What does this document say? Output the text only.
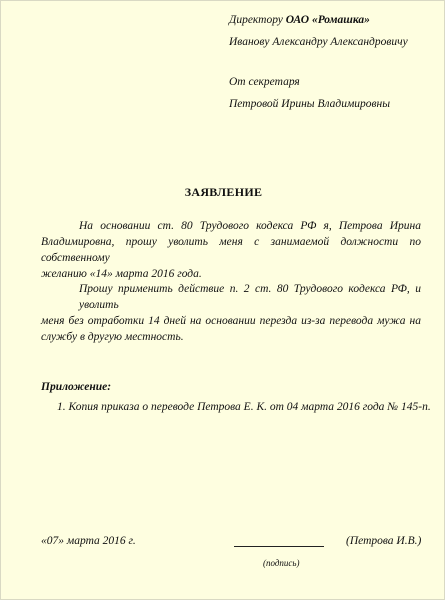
Директору ОАО «Ромашка»
Иванову Александру Александровичу
От секретаря
Петровой Ирины Владимировны
ЗАЯВЛЕНИЕ
На основании ст. 80 Трудового кодекса РФ я, Петрова Ирина
Владимировна, прошу уволить меня с занимаемой должности по собственному
желанию «14» марта 2016 года.
Прошу применить действие п. 2 ст. 80 Трудового кодекса РФ, и уволить
меня без отработки 14 дней на основании перезда из-за перевода мужа на
службу в другую местность.
Приложение:
1. Копия приказа о переводе Петрова Е. К. от 04 марта 2016 года № 145-п.
«07» марта 2016 г.	(Петрова И.В.)
(подпись)
